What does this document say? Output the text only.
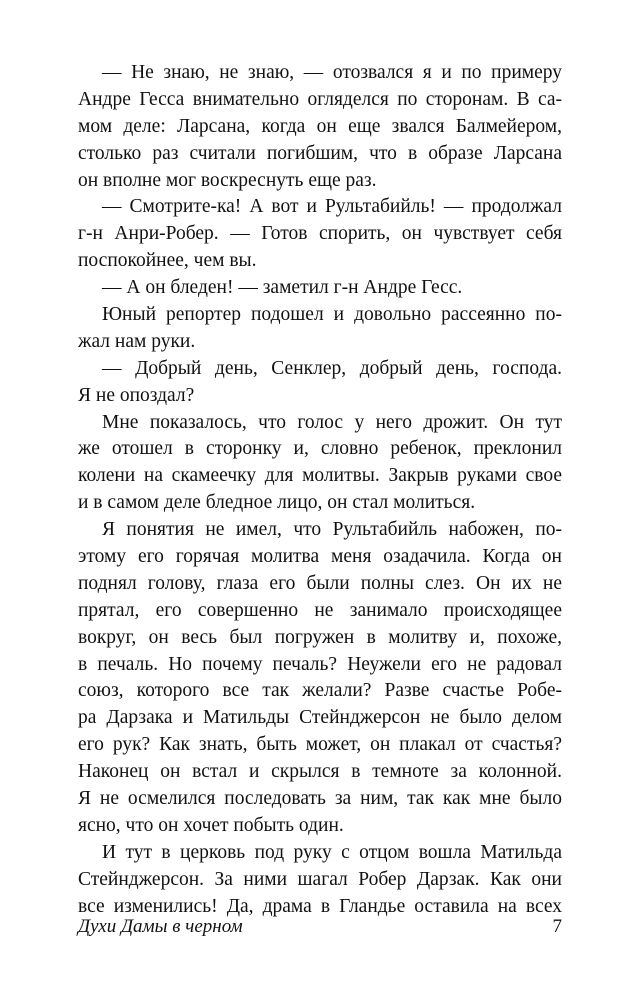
— Не знаю, не знаю, — отозвался я и по примеру
Андре Гесса внимательно огляделся по сторонам. В са-
мом деле: Ларсана, когда он еще звался Балмейером,
столько раз считали погибшим, что в образе Ларсана
он вполне мог воскреснуть еще раз.
— Смотрите-ка! А вот и Рультабийль! — продолжал
г-н Анри-Робер. — Готов спорить, он чувствует себя
поспокойнее, чем вы.
— А он бледен! — заметил г-н Андре Гесс.
Юный репортер подошел и довольно рассеянно по-
жал нам руки.
— Добрый день, Сенклер, добрый день, господа.
Я не опоздал?
Мне показалось, что голос у него дрожит. Он тут
же отошел в сторонку и, словно ребенок, преклонил
колени на скамеечку для молитвы. Закрыв руками свое
и в самом деле бледное лицо, он стал молиться.
Я понятия не имел, что Рультабийль набожен, по-
этому его горячая молитва меня озадачила. Когда он
поднял голову, глаза его были полны слез. Он их не
прятал, его совершенно не занимало происходящее
вокруг, он весь был погружен в молитву и, похоже,
в печаль. Но почему печаль? Неужели его не радовал
союз, которого все так желали? Разве счастье Робе-
ра Дарзака и Матильды Стейнджерсон не было делом
его рук? Как знать, быть может, он плакал от счастья?
Наконец он встал и скрылся в темноте за колонной.
Я не осмелился последовать за ним, так как мне было
ясно, что он хочет побыть один.
И тут в церковь под руку с отцом вошла Матильда
Стейнджерсон. За ними шагал Робер Дарзак. Как они
все изменились! Да, драма в Гландье оставила на всех
Духи Дамы в черном	7
